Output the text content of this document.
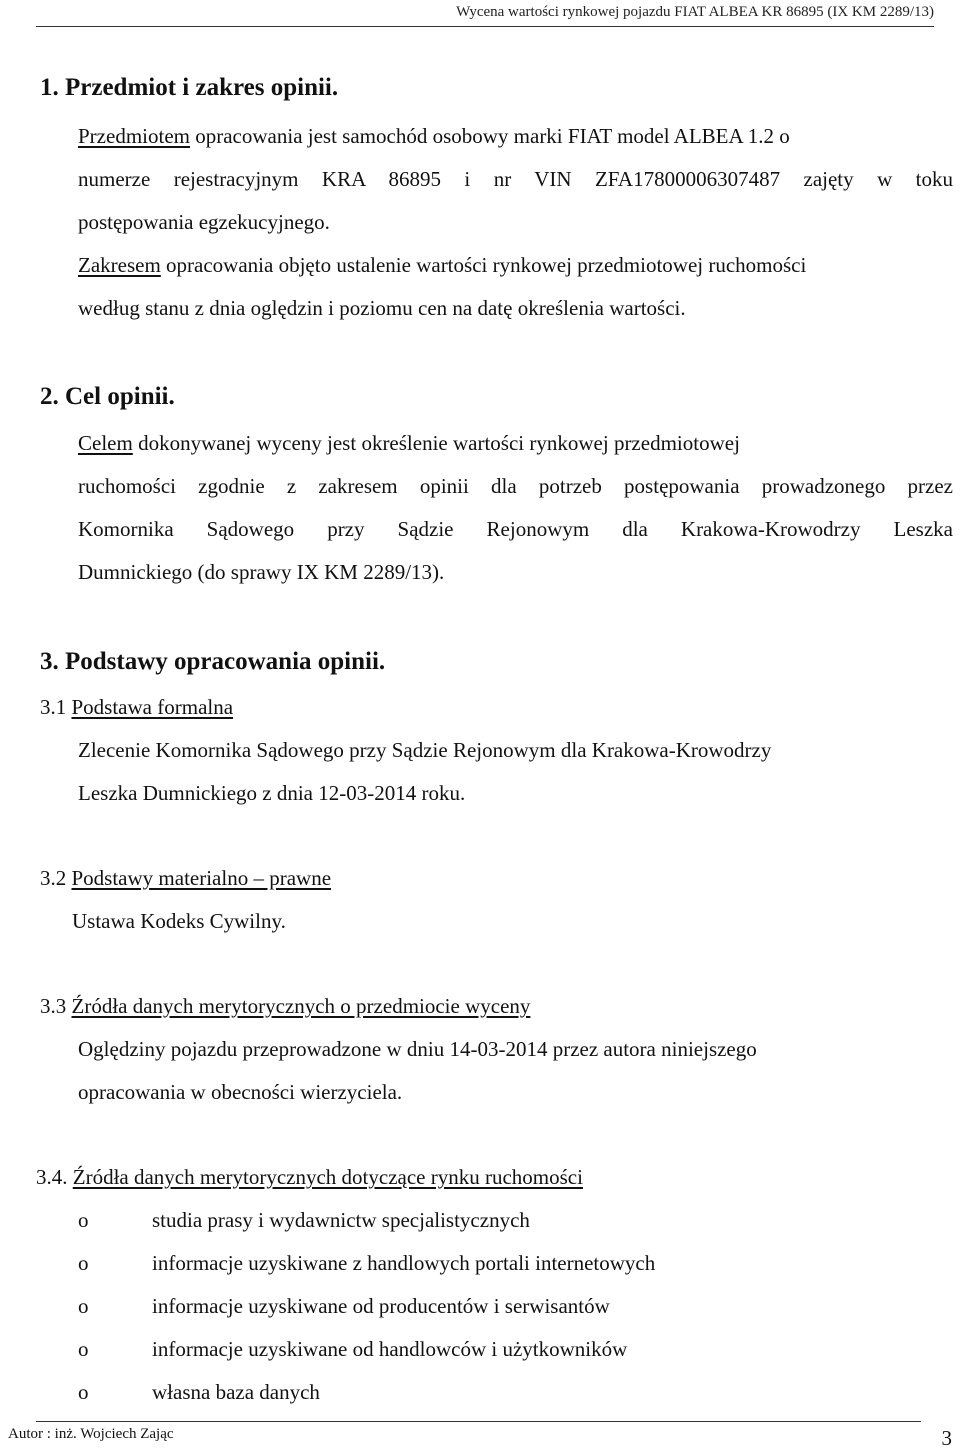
Wycena wartości rynkowej pojazdu FIAT ALBEA KR 86895 (IX KM 2289/13)
1. Przedmiot i zakres opinii.
Przedmiotem opracowania jest samochód osobowy marki FIAT model ALBEA 1.2 o
numerze rejestracyjnym KRA 86895 i nr VIN ZFA17800006307487 zajęty w toku
postępowania egzekucyjnego.
Zakresem opracowania objęto ustalenie wartości rynkowej przedmiotowej ruchomości
według stanu z dnia oględzin i poziomu cen na datę określenia wartości.
2. Cel opinii.
Celem dokonywanej wyceny jest określenie wartości rynkowej przedmiotowej
ruchomości zgodnie z zakresem opinii dla potrzeb postępowania prowadzonego przez
Komornika Sądowego przy Sądzie Rejonowym dla Krakowa-Krowodrzy Leszka
Dumnickiego (do sprawy IX KM 2289/13).
3. Podstawy opracowania opinii.
3.1 Podstawa formalna
Zlecenie Komornika Sądowego przy Sądzie Rejonowym dla Krakowa-Krowodrzy
Leszka Dumnickiego z dnia 12-03-2014 roku.
3.2 Podstawy materialno – prawne
Ustawa Kodeks Cywilny.
3.3 Źródła danych merytorycznych o przedmiocie wyceny
Oględziny pojazdu przeprowadzone w dniu 14-03-2014 przez autora niniejszego
opracowania w obecności wierzyciela.
3.4. Źródła danych merytorycznych dotyczące rynku ruchomości
o	studia prasy i wydawnictw specjalistycznych
o	informacje uzyskiwane z handlowych portali internetowych
o	informacje uzyskiwane od producentów i serwisantów
o	informacje uzyskiwane od handlowców i użytkowników
o	własna baza danych
Autor : inż. Wojciech Zając	3
